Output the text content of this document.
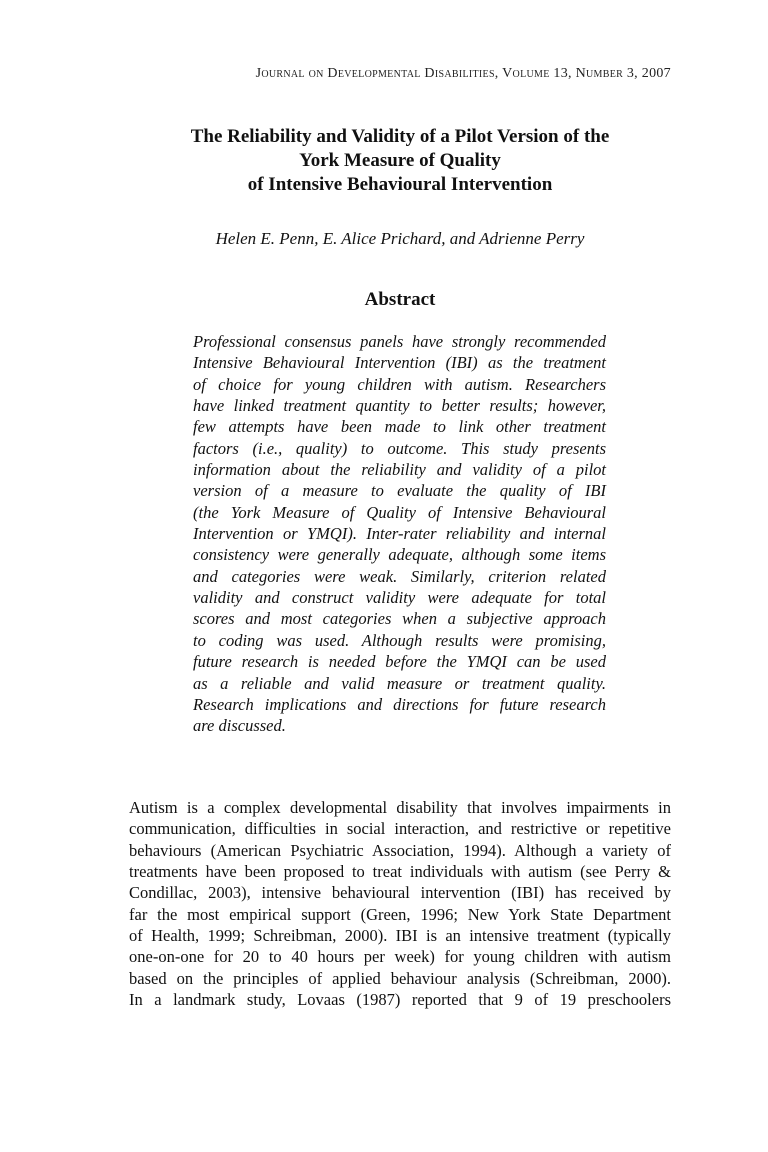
Journal on Developmental Disabilities, Volume 13, Number 3, 2007
The Reliability and Validity of a Pilot Version of the
York Measure of Quality
of Intensive Behavioural Intervention
Helen E. Penn, E. Alice Prichard, and Adrienne Perry
Abstract
Professional consensus panels have strongly recommended
Intensive Behavioural Intervention (IBI) as the treatment
of choice for young children with autism. Researchers
have linked treatment quantity to better results; however,
few attempts have been made to link other treatment
factors (i.e., quality) to outcome. This study presents
information about the reliability and validity of a pilot
version of a measure to evaluate the quality of IBI
(the York Measure of Quality of Intensive Behavioural
Intervention or YMQI). Inter-rater reliability and internal
consistency were generally adequate, although some items
and categories were weak. Similarly, criterion related
validity and construct validity were adequate for total
scores and most categories when a subjective approach
to coding was used. Although results were promising,
future research is needed before the YMQI can be used
as a reliable and valid measure or treatment quality.
Research implications and directions for future research
are discussed.
Autism is a complex developmental disability that involves impairments in
communication, difficulties in social interaction, and restrictive or repetitive
behaviours (American Psychiatric Association, 1994). Although a variety of
treatments have been proposed to treat individuals with autism (see Perry &
Condillac, 2003), intensive behavioural intervention (IBI) has received by
far the most empirical support (Green, 1996; New York State Department
of Health, 1999; Schreibman, 2000). IBI is an intensive treatment (typically
one-on-one for 20 to 40 hours per week) for young children with autism
based on the principles of applied behaviour analysis (Schreibman, 2000).
In a landmark study, Lovaas (1987) reported that 9 of 19 preschoolers
